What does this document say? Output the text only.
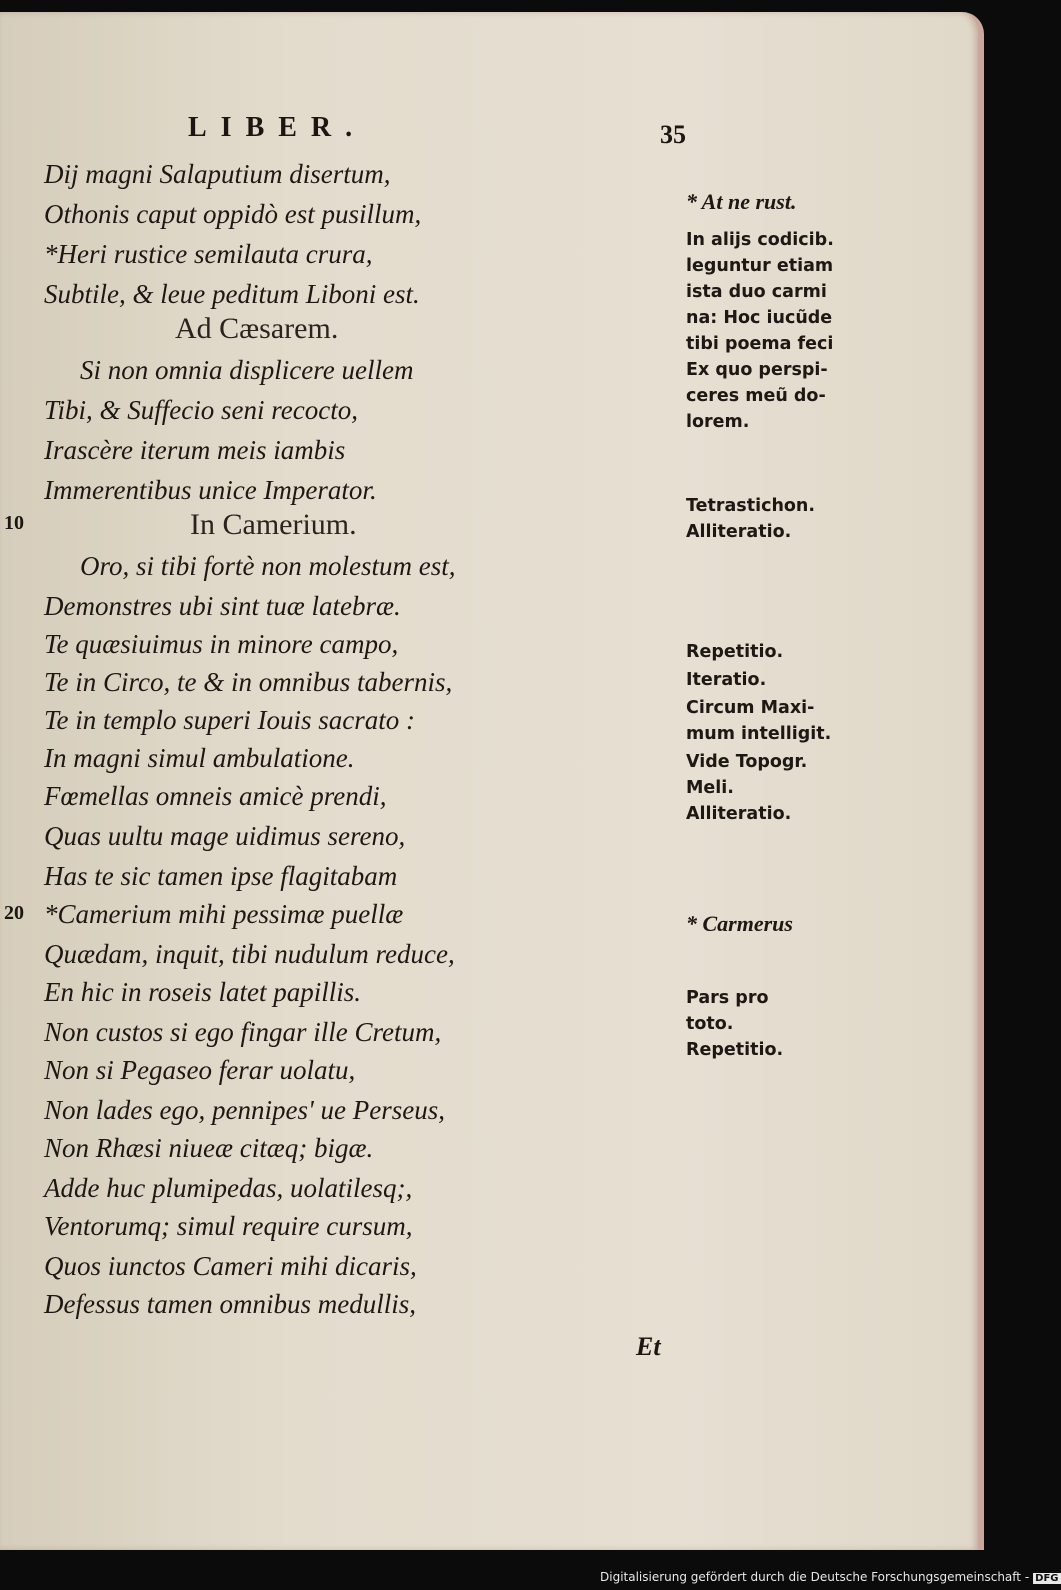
LIBER.	35
10
20
Dij magni Salaputium disertum,
Othonis caput oppidò est pusillum,
*Heri rustice semilauta crura,
Subtile, & leue peditum Liboni est.
Ad Cæsarem.
Si non omnia displicere uellem
Tibi, & Suffecio seni recocto,
Irascère iterum meis iambis
Immerentibus unice Imperator.
In Camerium.
Oro, si tibi fortè non molestum est,
Demonstres ubi sint tuæ latebræ.
Te quæsiuimus in minore campo,
Te in Circo, te & in omnibus tabernis,
Te in templo superi Iouis sacrato :
In magni simul ambulatione.
Fœmellas omneis amicè prendi,
Quas uultu mage uidimus sereno,
Has te sic tamen ipse flagitabam
*Camerium mihi pessimæ puellæ
Quædam, inquit, tibi nudulum reduce,
En hic in roseis latet papillis.
Non custos si ego fingar ille Cretum,
Non si Pegaseo ferar uolatu,
Non lades ego, pennipes' ue Perseus,
Non Rhæsi niueæ citæq; bigæ.
Adde huc plumipedas, uolatilesq;,
Ventorumq; simul require cursum,
Quos iunctos Cameri mihi dicaris,
Defessus tamen omnibus medullis,
* At ne rust.
In alijs codicib.
leguntur etiam
ista duo carmi
na: Hoc iucũde
tibi poema feci
Ex quo perspi-
ceres meũ do-
lorem.
Tetrastichon.
Alliteratio.
Repetitio.
Iteratio.
Circum Maxi-
mum intelligit.
Vide Topogr.
Meli.
Alliteratio.
* Carmerus
Pars pro
toto.
Repetitio.
Et
Digitalisierung gefördert durch die Deutsche Forschungsgemeinschaft - DFG
